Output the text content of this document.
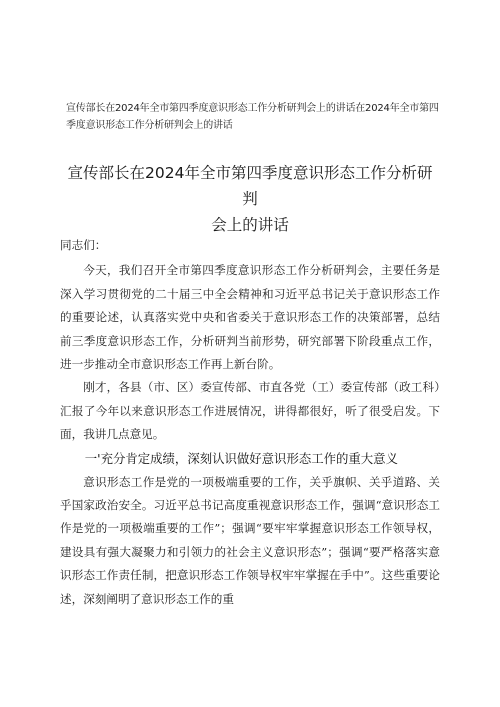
宣传部长在2024年全市第四季度意识形态工作分析研判会上的讲话在2024年全市第四季度意识形态工作分析研判会上的讲话
宣传部长在2024年全市第四季度意识形态工作分析研判
会上的讲话

同志们：

今天，我们召开全市第四季度意识形态工作分析研判会，主要任务是深入学习贯彻党的二十届三中全会精神和习近平总书记关于意识形态工作的重要论述，认真落实党中央和省委关于意识形态工作的决策部署，总结前三季度意识形态工作，分析研判当前形势，研究部署下阶段重点工作，进一步推动全市意识形态工作再上新台阶。

刚才，各县（市、区）委宣传部、市直各党（工）委宣传部（政工科）汇报了今年以来意识形态工作进展情况，讲得都很好，听了很受启发。下面，我讲几点意见。

一'充分肯定成绩，深刻认识做好意识形态工作的重大意义

意识形态工作是党的一项极端重要的工作，关乎旗帜、关乎道路、关乎国家政治安全。习近平总书记高度重视意识形态工作，强调“意识形态工作是党的一项极端重要的工作”；强调“要牢牢掌握意识形态工作领导权，建设具有强大凝聚力和引领力的社会主义意识形态”；强调“要严格落实意识形态工作责任制，把意识形态工作领导权牢牢掌握在手中”。这些重要论述，深刻阐明了意识形态工作的重
